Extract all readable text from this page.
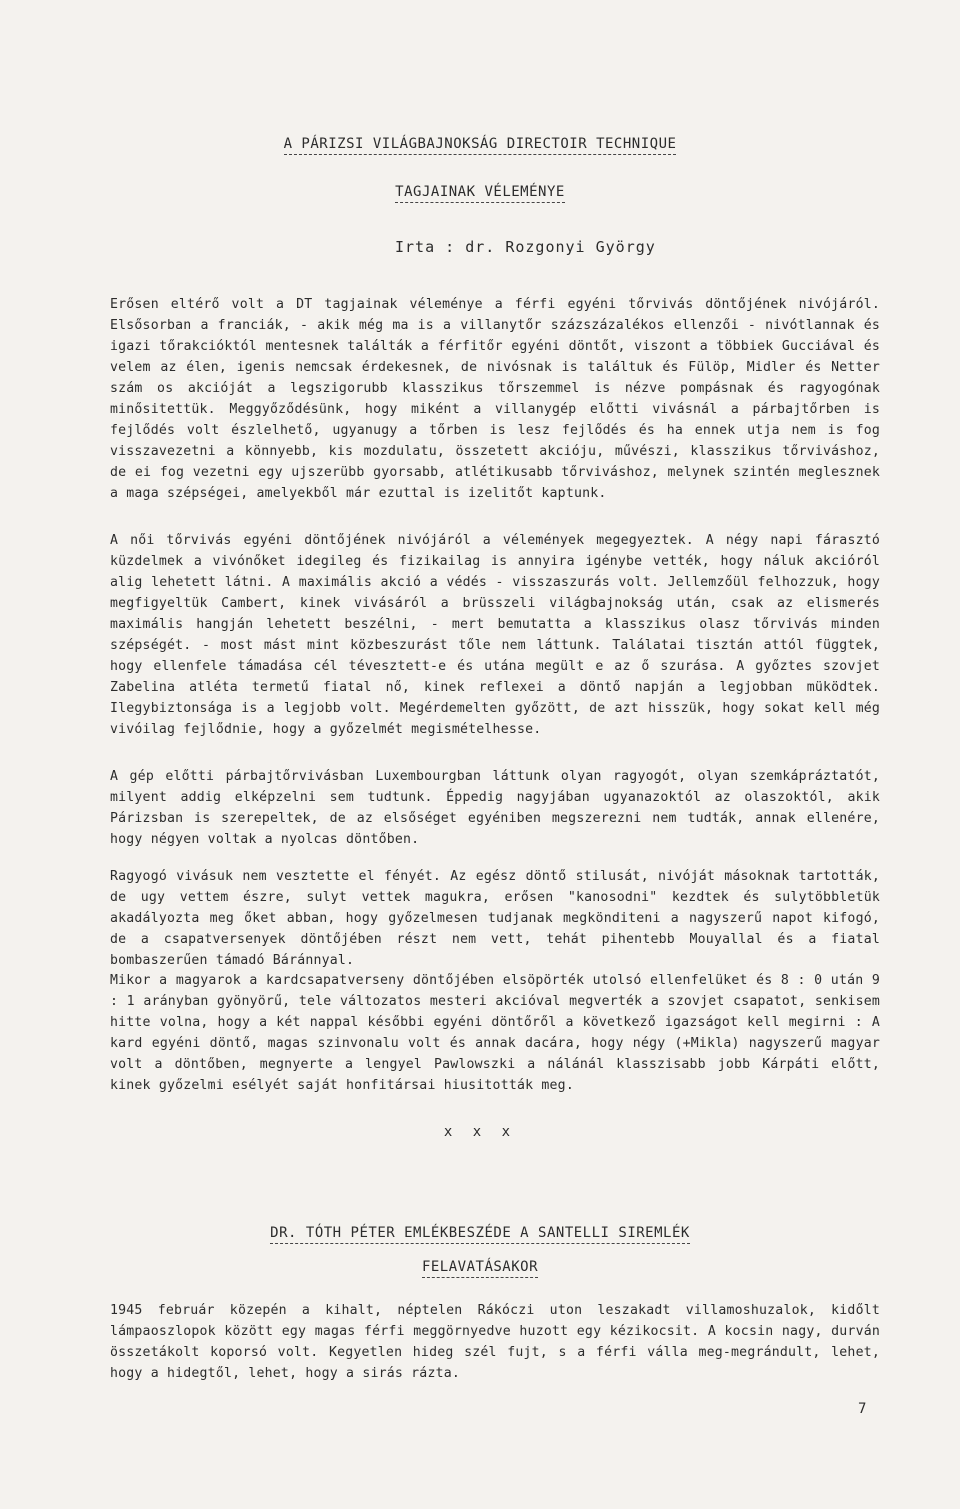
A PÁRIZSI VILÁGBAJNOKSÁG DIRECTOIR TECHNIQUE
TAGJAINAK VÉLEMÉNYE
Irta : dr. Rozgonyi György

Erősen eltérő volt a DT tagjainak véleménye a férfi egyéni tőrvivás döntőjének nivójáról. Elsősorban a franciák, - akik még ma is a villanytőr százszázalékos ellenzői - nivótlannak és igazi tőrakcióktól mentesnek találták a férfitőr egyéni döntőt, viszont a többiek Gucciával és velem az élen, igenis nemcsak érdekesnek, de nivósnak is találtuk és Fülöp, Midler és Netter szám os akcióját a legszigorubb klasszikus tőrszemmel is nézve pompásnak és ragyogónak minősitettük. Meggyőződésünk, hogy miként a villanygép előtti vivásnál a párbajtőrben is fejlődés volt észlelhető, ugyanugy a tőrben is lesz fejlődés és ha ennek utja nem is fog visszavezetni a könnyebb, kis mozdulatu, összetett akcióju, művészi, klasszikus tőrviváshoz, de ei fog vezetni egy ujszerübb gyorsabb, atlétikusabb tőrviváshoz, melynek szintén meglesznek a maga szépségei, amelyekből már ezuttal is izelitőt kaptunk.

A női tőrvivás egyéni döntőjének nivójáról a vélemények megegyeztek. A négy napi fárasztó küzdelmek a vivónőket idegileg és fizikailag is annyira igénybe vették, hogy náluk akcióról alig lehetett látni. A maximális akció a védés - visszaszurás volt. Jellemzőül felhozzuk, hogy megfigyeltük Cambert, kinek vivásáról a brüsszeli világbajnokság után, csak az elismerés maximális hangján lehetett beszélni, - mert bemutatta a klasszikus olasz tőrvivás minden szépségét. - most mást mint közbeszurást tőle nem láttunk. Találatai tisztán attól függtek, hogy ellenfele támadása cél tévesztett-e és utána megült e az ő szurása. A győztes szovjet Zabelina atléta termetű fiatal nő, kinek reflexei a döntő napján a legjobban müködtek. Ilegybiztonsága is a legjobb volt. Megérdemelten győzött, de azt hisszük, hogy sokat kell még vivóilag fejlődnie, hogy a győzelmét megismételhesse.

A gép előtti párbajtőrvivásban Luxembourgban láttunk olyan ragyogót, olyan szemkápráztatót, milyent addig elképzelni sem tudtunk. Éppedig nagyjában ugyanazoktól az olaszoktól, akik Párizsban is szerepeltek, de az elsőséget egyéniben megszerezni nem tudták, annak ellenére, hogy négyen voltak a nyolcas döntőben.

Ragyogó vivásuk nem vesztette el fényét. Az egész döntő stilusát, nivóját másoknak tartották, de ugy vettem észre, sulyt vettek magukra, erősen "kanosodni" kezdtek és sulytöbbletük akadályozta meg őket abban, hogy győzelmesen tudjanak megkönditeni a nagyszerű napot kifogó, de a csapatversenyek döntőjében részt nem vett, tehát pihentebb Mouyallal és a fiatal bombaszerűen támadó Báránnyal.

Mikor a magyarok a kardcsapatverseny döntőjében elsöpörték utolsó ellenfelüket és 8 : 0 után 9 : 1 arányban gyönyörű, tele változatos mesteri akcióval megverték a szovjet csapatot, senkisem hitte volna, hogy a két nappal későbbi egyéni döntőről a következő igazságot kell megirni : A kard egyéni döntő, magas szinvonalu volt és annak dacára, hogy négy (+Mikla) nagyszerű magyar volt a döntőben, megnyerte a lengyel Pawlowszki a nálánál klasszisabb jobb Kárpáti előtt, kinek győzelmi esélyét saját honfitársai hiusitották meg.

x x x
DR. TÓTH PÉTER EMLÉKBESZÉDE A SANTELLI SIREMLÉK
FELAVATÁSAKOR

1945 február közepén a kihalt, néptelen Rákóczi uton leszakadt villamoshuzalok, kidőlt lámpaoszlopok között egy magas férfi meggörnyedve huzott egy kézikocsit. A kocsin nagy, durván összetákolt koporsó volt. Kegyetlen hideg szél fujt, s a férfi válla meg-megrándult, lehet, hogy a hidegtől, lehet, hogy a sirás rázta.

7
